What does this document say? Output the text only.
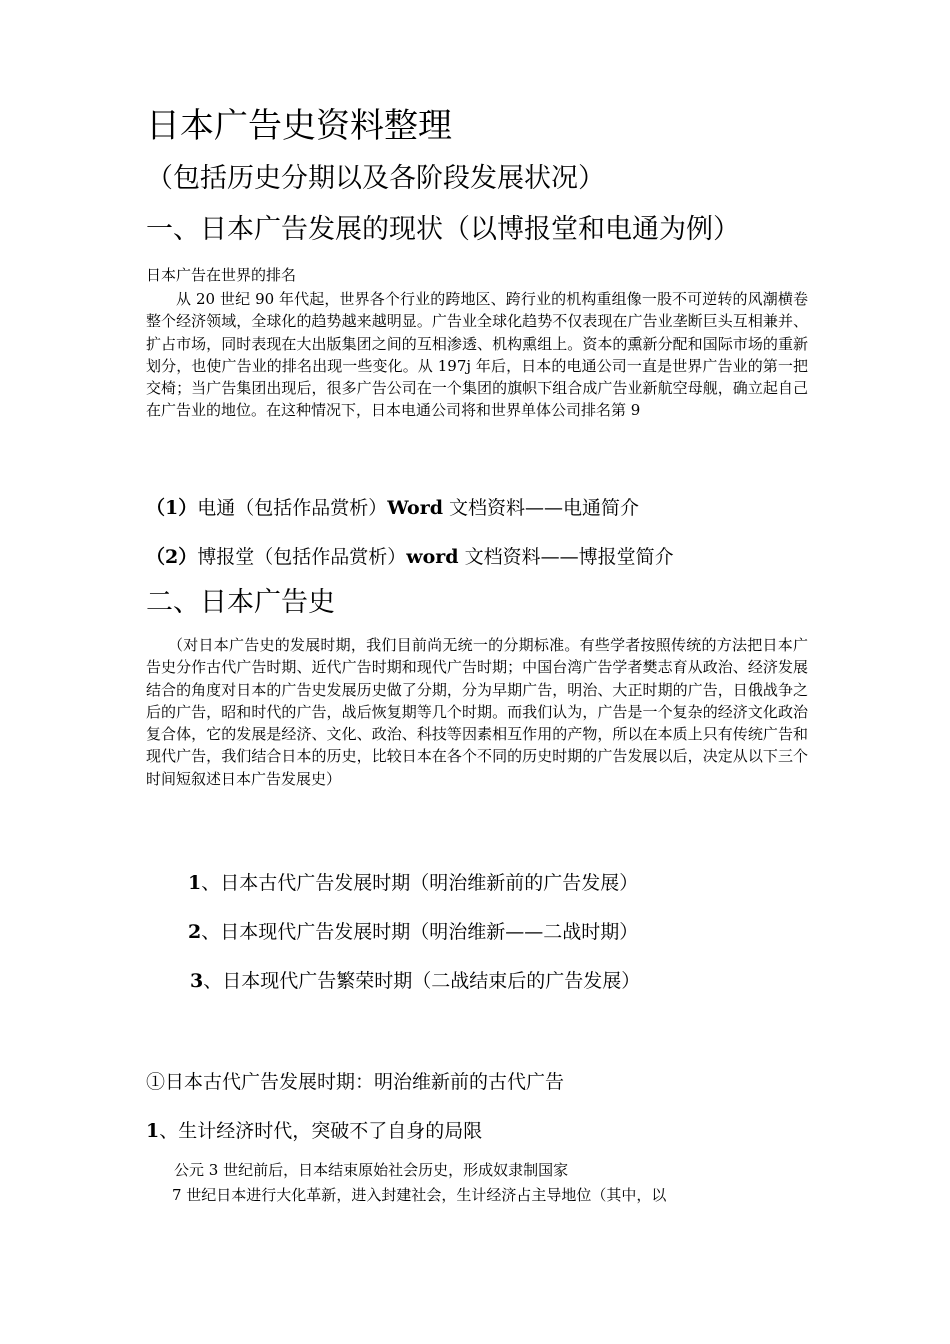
日本广告史资料整理
（包括历史分期以及各阶段发展状况）
一、日本广告发展的现状（以博报堂和电通为例）
日本广告在世界的排名

从 20 世纪 90 年代起，世界各个行业的跨地区、跨行业的机构重组像一股不可逆转的风潮横卷整个经济领域，全球化的趋势越来越明显。广告业全球化趋势不仅表现在广告业垄断巨头互相兼并、扩占市场，同时表现在大出版集团之间的互相渗透、机构熏组上。资本的熏新分配和国际市场的重新划分，也使广告业的排名出现一些变化。从 197j 年后，日本的电通公司一直是世界广告业的第一把交椅；当广告集团出现后，很多广告公司在一个集团的旗帜下组合成广告业新航空母舰，确立起自己在广告业的地位。在这种情况下，日本电通公司将和世界单体公司排名第 9

（1）电通（包括作品赏析）Word 文档资料——电通简介
（2）博报堂（包括作品赏析）word 文档资料——博报堂简介
二、日本广告史

（对日本广告史的发展时期，我们目前尚无统一的分期标准。有些学者按照传统的方法把日本广告史分作古代广告时期、近代广告时期和现代广告时期；中国台湾广告学者樊志育从政治、经济发展结合的角度对日本的广告史发展历史做了分期，分为早期广告，明治、大正时期的广告，日俄战争之后的广告，昭和时代的广告，战后恢复期等几个时期。而我们认为，广告是一个复杂的经济文化政治复合体，它的发展是经济、文化、政治、科技等因素相互作用的产物，所以在本质上只有传统广告和现代广告，我们结合日本的历史，比较日本在各个不同的历史时期的广告发展以后，决定从以下三个时间短叙述日本广告发展史）

1、日本古代广告发展时期（明治维新前的广告发展）
2、日本现代广告发展时期（明治维新——二战时期）
3、日本现代广告繁荣时期（二战结束后的广告发展）
①日本古代广告发展时期：明治维新前的古代广告
1、生计经济时代，突破不了自身的局限
公元 3 世纪前后，日本结束原始社会历史，形成奴隶制国家
7 世纪日本进行大化革新，进入封建社会，生计经济占主导地位（其中，以
